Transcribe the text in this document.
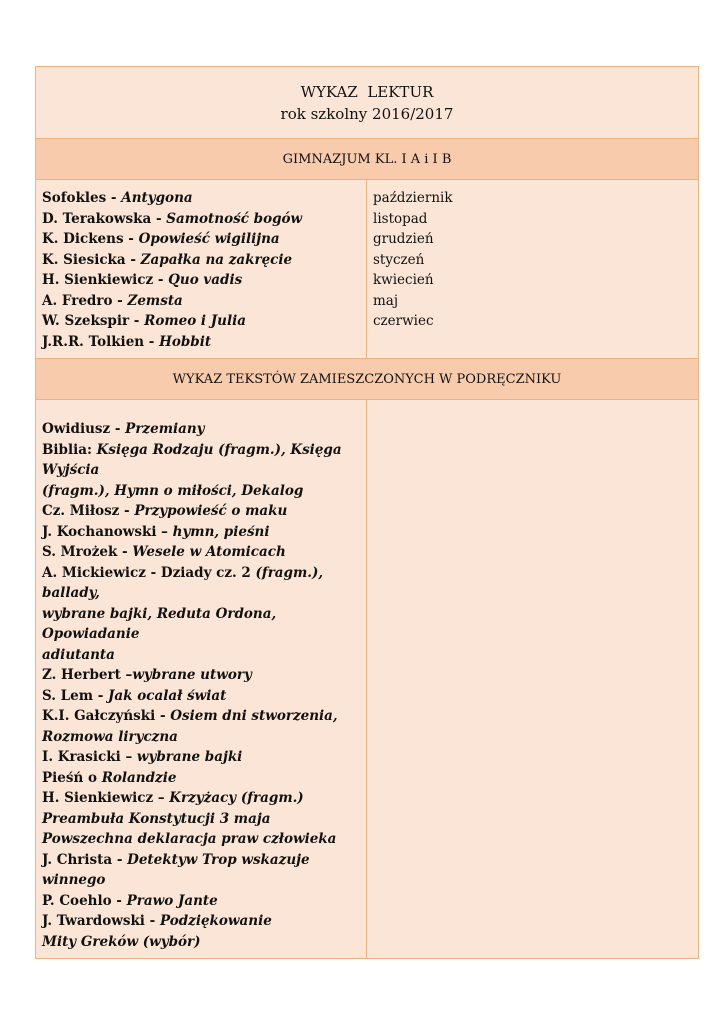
WYKAZ  LEKTUR
rok szkolny 2016/2017
GIMNAZJUM KL. I A i I B
Sofokles - Antygona
D. Terakowska - Samotność bogów
K. Dickens - Opowieść wigilijna
K. Siesicka - Zapałka na zakręcie
H. Sienkiewicz - Quo vadis
A. Fredro - Zemsta
W. Szekspir - Romeo i Julia
J.R.R. Tolkien - Hobbit
październik
listopad
grudzień
styczeń
kwiecień
maj
czerwiec
WYKAZ TEKSTÓW ZAMIESZCZONYCH W PODRĘCZNIKU
Owidiusz - Przemiany
Biblia: Księga Rodzaju (fragm.), Księga Wyjścia
(fragm.), Hymn o miłości, Dekalog
Cz. Miłosz - Przypowieść o maku
J. Kochanowski – hymn, pieśni
S. Mrożek - Wesele w Atomicach
A. Mickiewicz - Dziady cz. 2 (fragm.), ballady,
wybrane bajki, Reduta Ordona, Opowiadanie
adiutanta
Z. Herbert –wybrane utwory
S. Lem - Jak ocalał świat
K.I. Gałczyński - Osiem dni stworzenia,
Rozmowa liryczna
I. Krasicki – wybrane bajki
Pieśń o Rolandzie
H. Sienkiewicz – Krzyżacy (fragm.)
Preambuła Konstytucji 3 maja
Powszechna deklaracja praw człowieka
J. Christa - Detektyw Trop wskazuje winnego
P. Coehlo - Prawo Jante
J. Twardowski - Podziękowanie
Mity Greków (wybór)
